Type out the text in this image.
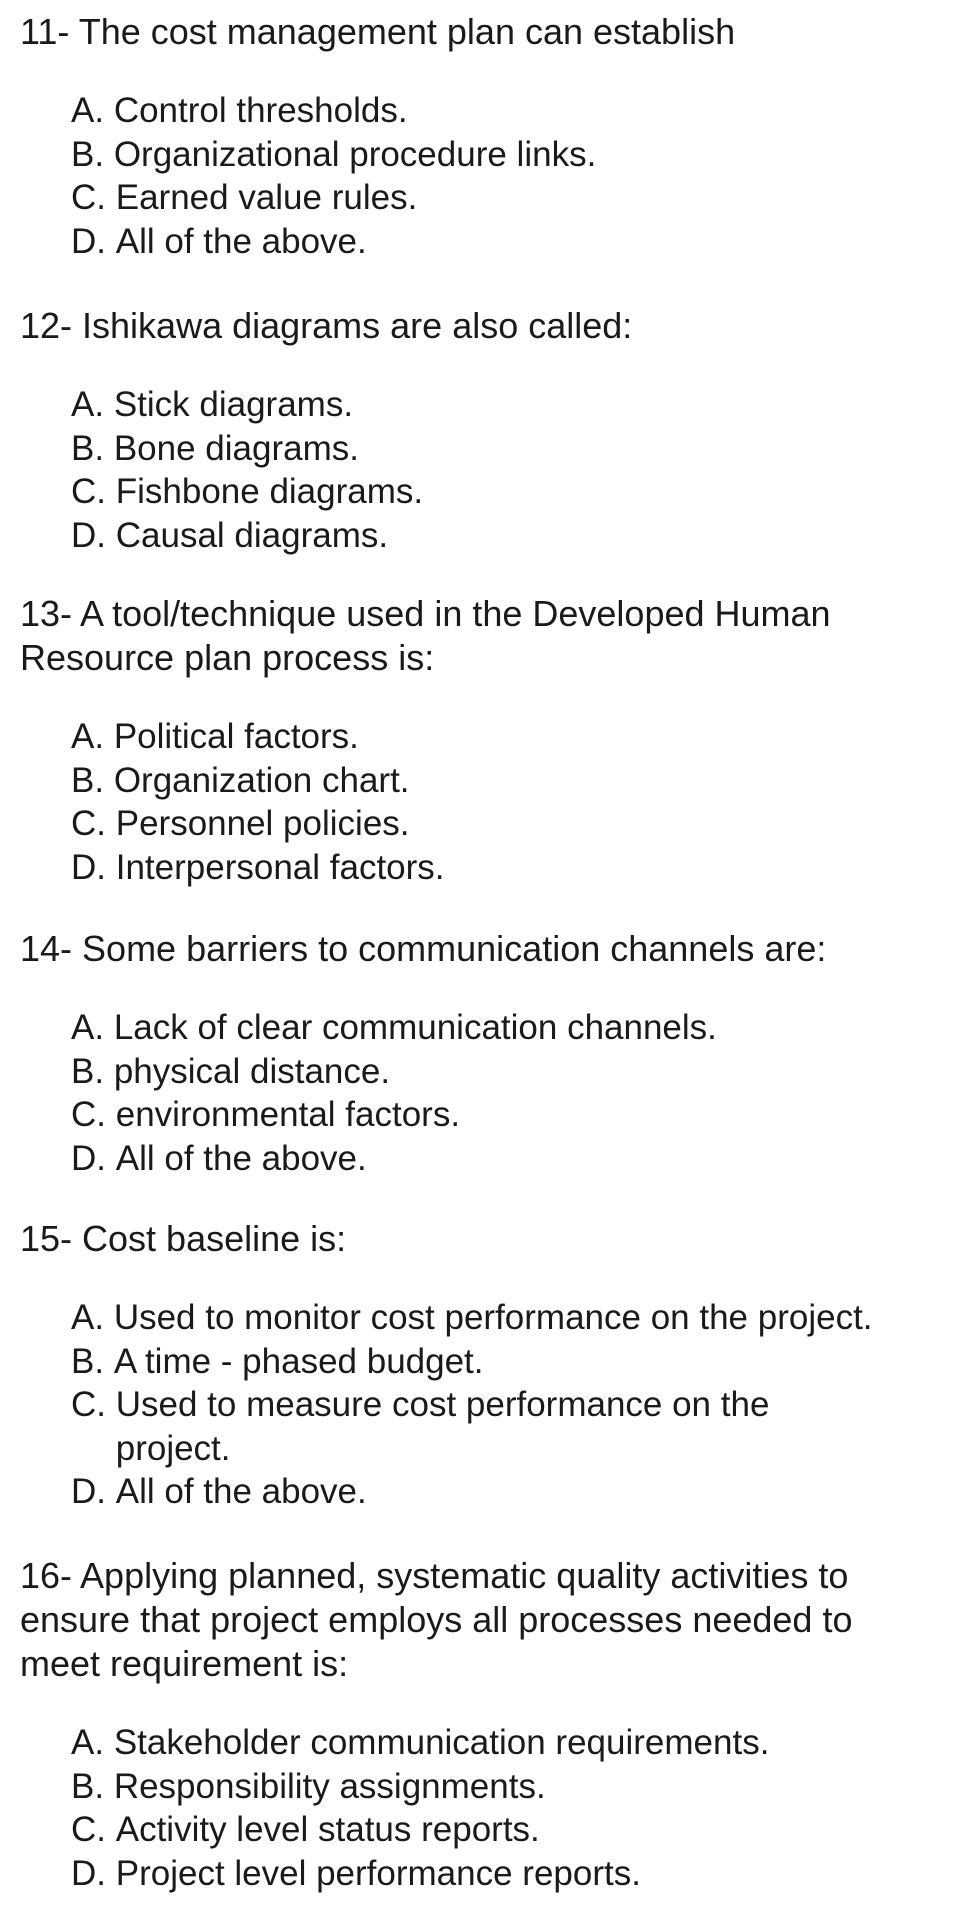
11- The cost management plan can establish

A.
Control thresholds.
B.
Organizational procedure links.
C.
Earned value rules.
D.
All of the above.

12- Ishikawa diagrams are also called:

A.
Stick diagrams.
B.
Bone diagrams.
C.
Fishbone diagrams.
D.
Causal diagrams.

13- A tool/technique used in the Developed Human Resource plan process is:

A.
Political factors.
B.
Organization chart.
C.
Personnel policies.
D.
Interpersonal factors.

14- Some barriers to communication channels are:

A.
Lack of clear communication channels.
B.
physical distance.
C.
environmental factors.
D.
All of the above.

15- Cost baseline is:

A.
Used to monitor cost performance on the project.
B.
A time - phased budget.
C.
Used to measure cost performance on the project.
D.
All of the above.

16- Applying planned, systematic quality activities to ensure that project employs all processes needed to meet requirement is:

A.
Stakeholder communication requirements.
B.
Responsibility assignments.
C.
Activity level status reports.
D.
Project level performance reports.
